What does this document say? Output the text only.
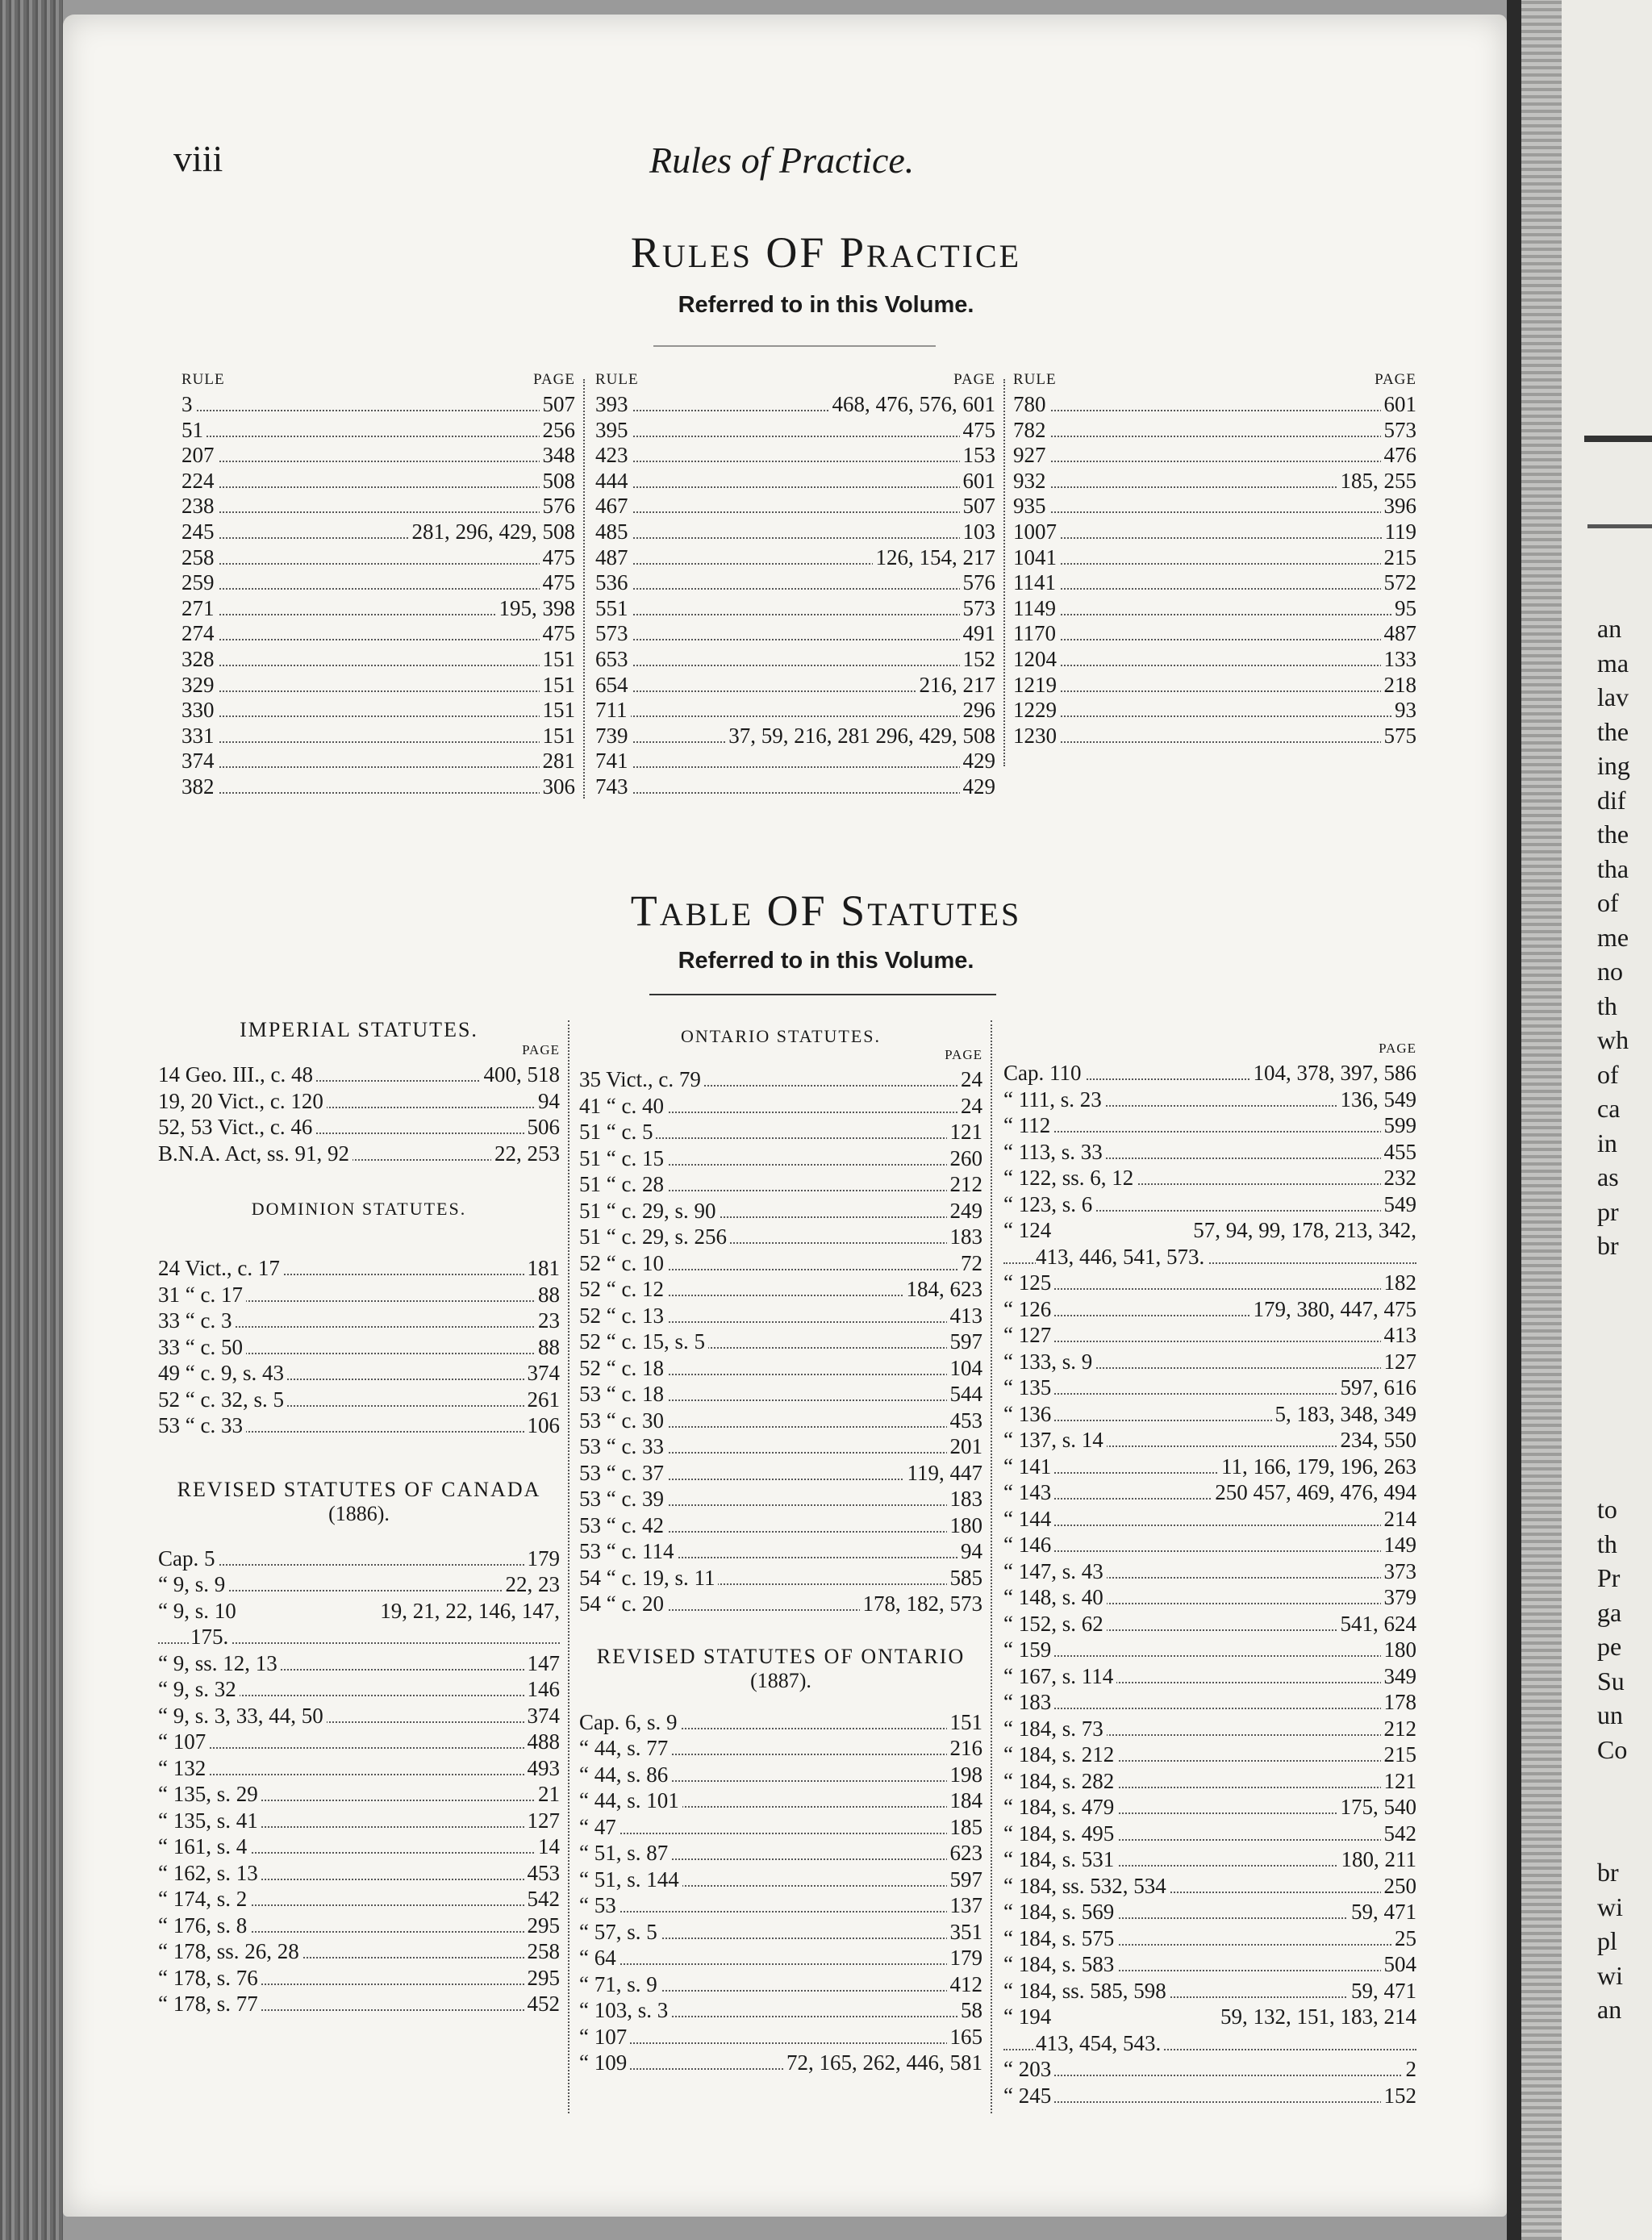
an
ma
lav
the
ing
dif
the
tha
of
me
no
th
wh
of
ca
in
as
pr
br
to
th
Pr
ga
pe
Su
un
Co
br
wi
pl
wi
an
viii	Rules of Practice.
RULES OF PRACTICE
Referred to in this Volume.
RULE	PAGE
3	507
51	256
207	348
224	508
238	576
245	281, 296, 429, 508
258	475
259	475
271	195, 398
274	475
328	151
329	151
330	151
331	151
374	281
382	306
RULE	PAGE
393	468, 476, 576, 601
395	475
423	153
444	601
467	507
485	103
487	126, 154, 217
536	576
551	573
573	491
653	152
654	216, 217
711	296
739	37, 59, 216, 281 296, 429, 508
741	429
743	429
RULE	PAGE
780	601
782	573
927	476
932	185, 255
935	396
1007	119
1041	215
1141	572
1149	95
1170	487
1204	133
1219	218
1229	93
1230	575
TABLE OF STATUTES
Referred to in this Volume.
IMPERIAL STATUTES.
PAGE
14 Geo. III., c. 48	400, 518
19, 20 Vict., c. 120	94
52, 53 Vict., c. 46	506
B.N.A. Act, ss. 91, 92	22, 253
DOMINION STATUTES.
24 Vict., c. 17	181
31 “ c. 17	88
33 “ c. 3	23
33 “ c. 50	88
49 “ c. 9, s. 43	374
52 “ c. 32, s. 5	261
53 “ c. 33	106
REVISED STATUTES OF CANADA
(1886).
Cap. 5	179
“ 9, s. 9	22, 23
“ 9, s. 10	19, 21, 22, 146, 147,
175.
“ 9, ss. 12, 13	147
“ 9, s. 32	146
“ 9, s. 3, 33, 44, 50	374
“ 107	488
“ 132	493
“ 135, s. 29	21
“ 135, s. 41	127
“ 161, s. 4	14
“ 162, s. 13	453
“ 174, s. 2	542
“ 176, s. 8	295
“ 178, ss. 26, 28	258
“ 178, s. 76	295
“ 178, s. 77	452
ONTARIO STATUTES.
PAGE
35 Vict., c. 79	24
41 “ c. 40	24
51 “ c. 5	121
51 “ c. 15	260
51 “ c. 28	212
51 “ c. 29, s. 90	249
51 “ c. 29, s. 256	183
52 “ c. 10	72
52 “ c. 12	184, 623
52 “ c. 13	413
52 “ c. 15, s. 5	597
52 “ c. 18	104
53 “ c. 18	544
53 “ c. 30	453
53 “ c. 33	201
53 “ c. 37	119, 447
53 “ c. 39	183
53 “ c. 42	180
53 “ c. 114	94
54 “ c. 19, s. 11	585
54 “ c. 20	178, 182, 573
REVISED STATUTES OF ONTARIO
(1887).
Cap. 6, s. 9	151
“ 44, s. 77	216
“ 44, s. 86	198
“ 44, s. 101	184
“ 47	185
“ 51, s. 87	623
“ 51, s. 144	597
“ 53	137
“ 57, s. 5	351
“ 64	179
“ 71, s. 9	412
“ 103, s. 3	58
“ 107	165
“ 109	72, 165, 262, 446, 581
PAGE
Cap. 110	104, 378, 397, 586
“ 111, s. 23	136, 549
“ 112	599
“ 113, s. 33	455
“ 122, ss. 6, 12	232
“ 123, s. 6	549
“ 124	57, 94, 99, 178, 213, 342,
413, 446, 541, 573.
“ 125	182
“ 126	179, 380, 447, 475
“ 127	413
“ 133, s. 9	127
“ 135	597, 616
“ 136	5, 183, 348, 349
“ 137, s. 14	234, 550
“ 141	11, 166, 179, 196, 263
“ 143	250 457, 469, 476, 494
“ 144	214
“ 146	149
“ 147, s. 43	373
“ 148, s. 40	379
“ 152, s. 62	541, 624
“ 159	180
“ 167, s. 114	349
“ 183	178
“ 184, s. 73	212
“ 184, s. 212	215
“ 184, s. 282	121
“ 184, s. 479	175, 540
“ 184, s. 495	542
“ 184, s. 531	180, 211
“ 184, ss. 532, 534	250
“ 184, s. 569	59, 471
“ 184, s. 575	25
“ 184, s. 583	504
“ 184, ss. 585, 598	59, 471
“ 194	59, 132, 151, 183, 214
413, 454, 543.
“ 203	2
“ 245	152
